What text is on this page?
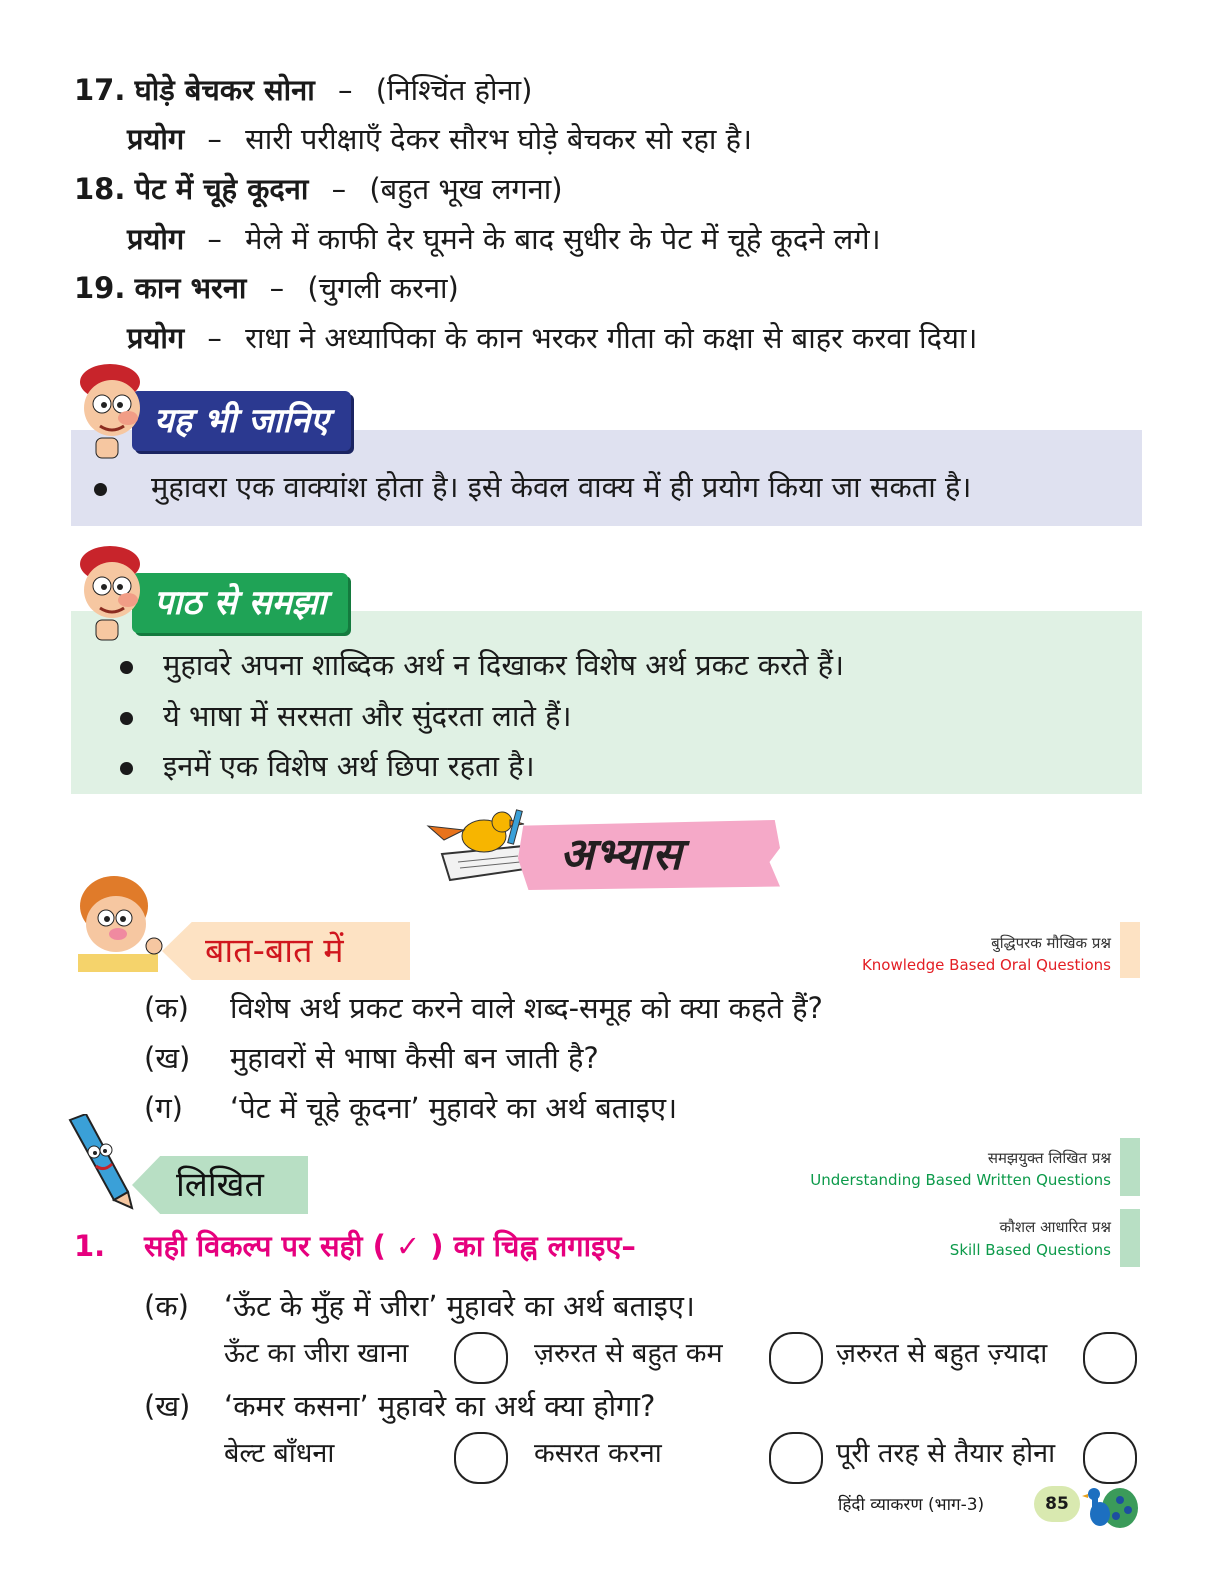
17. घोड़े बेचकर सोना – (निश्चिंत होना)
प्रयोग – सारी परीक्षाएँ देकर सौरभ घोड़े बेचकर सो रहा है।
18. पेट में चूहे कूदना – (बहुत भूख लगना)
प्रयोग – मेले में काफी देर घूमने के बाद सुधीर के पेट में चूहे कूदने लगे।
19. कान भरना – (चुगली करना)
प्रयोग – राधा ने अध्यापिका के कान भरकर गीता को कक्षा से बाहर करवा दिया।
यह भी जानिए
मुहावरा एक वाक्यांश होता है। इसे केवल वाक्य में ही प्रयोग किया जा सकता है।
पाठ से समझा
मुहावरे अपना शाब्दिक अर्थ न दिखाकर विशेष अर्थ प्रकट करते हैं।
ये भाषा में सरसता और सुंदरता लाते हैं।
इनमें एक विशेष अर्थ छिपा रहता है।
अभ्यास
बात-बात में	बुद्धिपरक मौखिक प्रश्न
Knowledge Based Oral Questions
(क) विशेष अर्थ प्रकट करने वाले शब्द-समूह को क्या कहते हैं?
(ख) मुहावरों से भाषा कैसी बन जाती है?
(ग) ‘पेट में चूहे कूदना’ मुहावरे का अर्थ बताइए।
लिखित
समझयुक्त लिखित प्रश्न
Understanding Based Written Questions
कौशल आधारित प्रश्न
Skill Based Questions
1. सही विकल्प पर सही ( ✓ ) का चिह्न लगाइए–
(क) ‘ऊँट के मुँह में जीरा’ मुहावरे का अर्थ बताइए।
ऊँट का जीरा खाना	ज़रुरत से बहुत कम	ज़रुरत से बहुत ज़्यादा
(ख) ‘कमर कसना’ मुहावरे का अर्थ क्या होगा?
बेल्ट बाँधना	कसरत करना	पूरी तरह से तैयार होना
हिंदी व्याकरण (भाग-3)	85
